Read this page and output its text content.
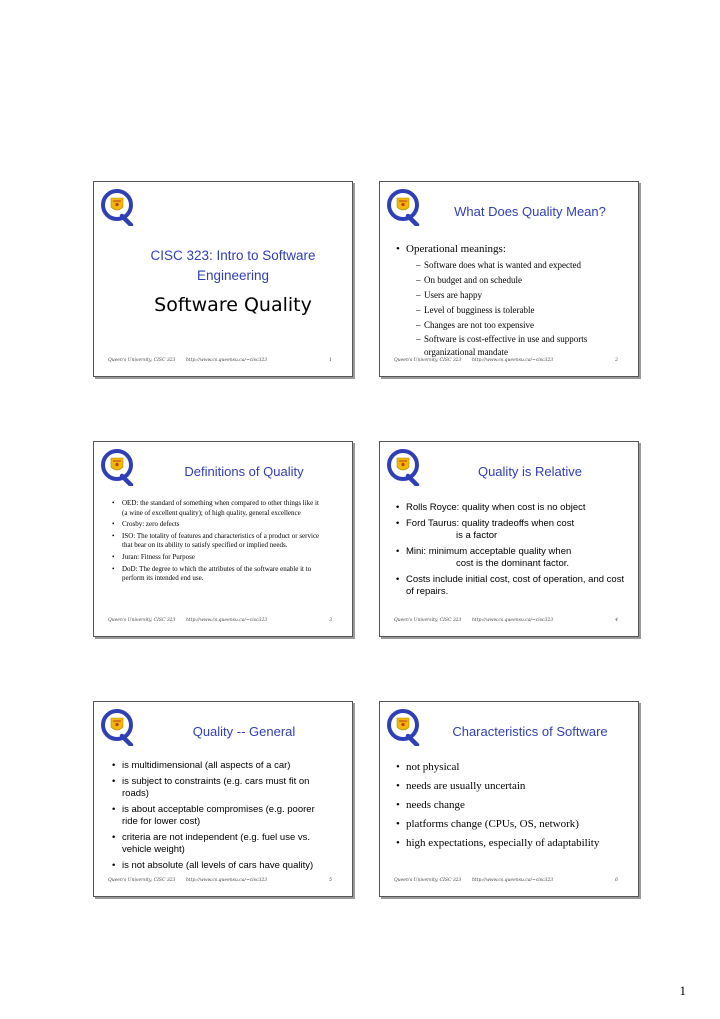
CISC 323: Intro to Software Engineering
Software Quality
Queen's University, CISC 323 http://www.cs.queensu.ca/~cisc323	1
What Does Quality Mean?
• Operational meanings:
– Software does what is wanted and expected
– On budget and on schedule
– Users are happy
– Level of bugginess is tolerable
– Changes are not too expensive
– Software is cost-effective in use and supports organizational mandate
Queen's University, CISC 323 http://www.cs.queensu.ca/~cisc323	2
Definitions of Quality
• OED: the standard of something when compared to other things like it (a wine of excellent quality); of high quality, general excellence
• Crosby: zero defects
• ISO: The totality of features and characteristics of a product or service that bear on its ability to satisfy specified or implied needs.
• Juran: Fitness for Purpose
• DoD: The degree to which the attributes of the software enable it to perform its intended end use.
Queen's University, CISC 323 http://www.cs.queensu.ca/~cisc323	3
Quality is Relative
• Rolls Royce: quality when cost is no object
• Ford Taurus: quality tradeoffs when cost
is a factor
• Mini: minimum acceptable quality when
cost is the dominant factor.
• Costs include initial cost, cost of operation, and cost of repairs.
Queen's University, CISC 323 http://www.cs.queensu.ca/~cisc323	4
Quality -- General
• is multidimensional (all aspects of a car)
• is subject to constraints (e.g. cars must fit on roads)
• is about acceptable compromises (e.g. poorer ride for lower cost)
• criteria are not independent (e.g. fuel use vs. vehicle weight)
• is not absolute (all levels of cars have quality)
Queen's University, CISC 323 http://www.cs.queensu.ca/~cisc323	5
Characteristics of Software
• not physical
• needs are usually uncertain
• needs change
• platforms change (CPUs, OS, network)
• high expectations, especially of adaptability
Queen's University, CISC 323 http://www.cs.queensu.ca/~cisc323	6
1
